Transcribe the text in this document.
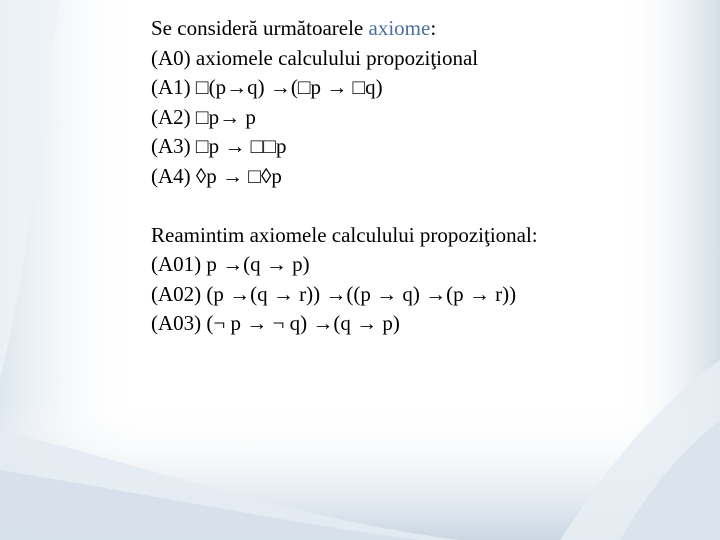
Se consideră următoarele axiome:

(A0) axiomele calculului propoziţional

(A1) □(p→q) →(□p → □q)

(A2) □p→ p

(A3) □p → □□p

(A4) ◊p → □◊p

Reamintim axiomele calculului propoziţional:

(A01) p →(q → p)

(A02) (p →(q → r)) →((p → q) →(p → r))

(A03) (¬ p → ¬ q) →(q → p)
